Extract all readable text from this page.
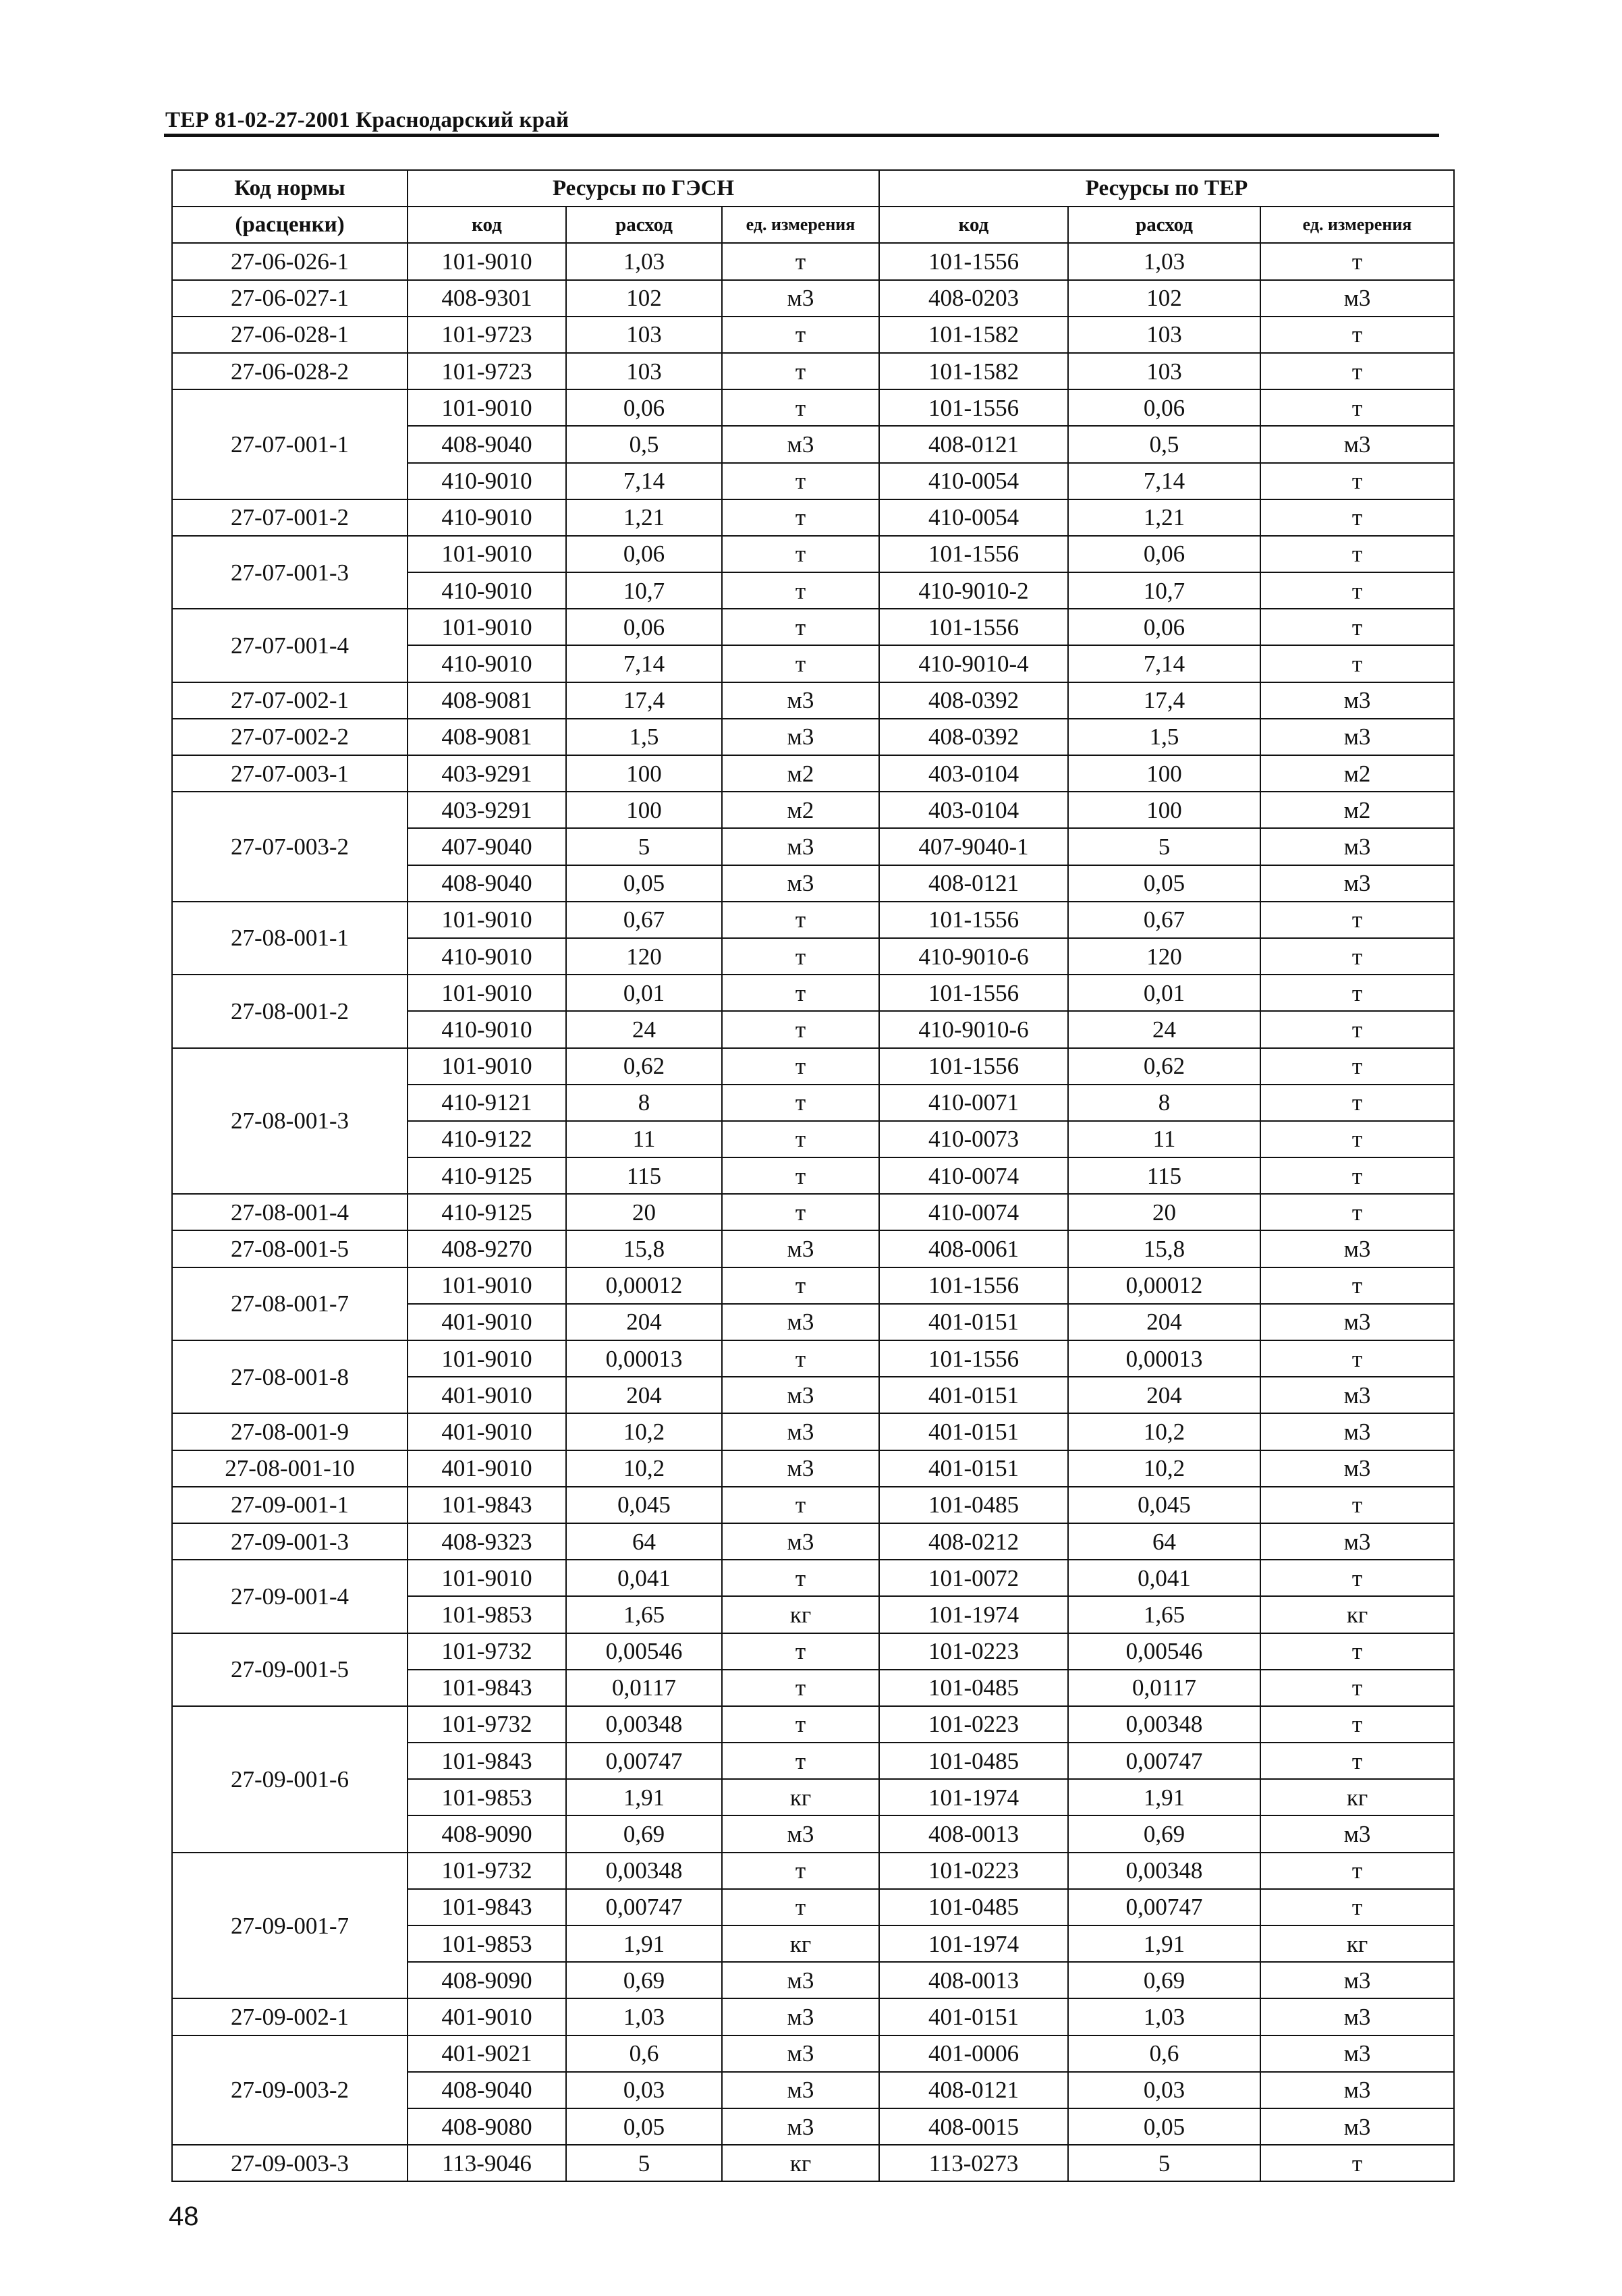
ТЕР 81-02-27-2001 Краснодарский край
Код нормы	Ресурсы по ГЭСН			Ресурсы по ТЕР		
(расценки)	код	расход	ед. измерения	код	расход	ед. измерения
27-06-026-1	101-9010	1,03	т	101-1556	1,03	т
27-06-027-1	408-9301	102	м3	408-0203	102	м3
27-06-028-1	101-9723	103	т	101-1582	103	т
27-06-028-2	101-9723	103	т	101-1582	103	т
27-07-001-1	101-9010	0,06	т	101-1556	0,06	т
	408-9040	0,5	м3	408-0121	0,5	м3
	410-9010	7,14	т	410-0054	7,14	т
27-07-001-2	410-9010	1,21	т	410-0054	1,21	т
27-07-001-3	101-9010	0,06	т	101-1556	0,06	т
	410-9010	10,7	т	410-9010-2	10,7	т
27-07-001-4	101-9010	0,06	т	101-1556	0,06	т
	410-9010	7,14	т	410-9010-4	7,14	т
27-07-002-1	408-9081	17,4	м3	408-0392	17,4	м3
27-07-002-2	408-9081	1,5	м3	408-0392	1,5	м3
27-07-003-1	403-9291	100	м2	403-0104	100	м2
27-07-003-2	403-9291	100	м2	403-0104	100	м2
	407-9040	5	м3	407-9040-1	5	м3
	408-9040	0,05	м3	408-0121	0,05	м3
27-08-001-1	101-9010	0,67	т	101-1556	0,67	т
	410-9010	120	т	410-9010-6	120	т
27-08-001-2	101-9010	0,01	т	101-1556	0,01	т
	410-9010	24	т	410-9010-6	24	т
27-08-001-3	101-9010	0,62	т	101-1556	0,62	т
	410-9121	8	т	410-0071	8	т
	410-9122	11	т	410-0073	11	т
	410-9125	115	т	410-0074	115	т
27-08-001-4	410-9125	20	т	410-0074	20	т
27-08-001-5	408-9270	15,8	м3	408-0061	15,8	м3
27-08-001-7	101-9010	0,00012	т	101-1556	0,00012	т
	401-9010	204	м3	401-0151	204	м3
27-08-001-8	101-9010	0,00013	т	101-1556	0,00013	т
	401-9010	204	м3	401-0151	204	м3
27-08-001-9	401-9010	10,2	м3	401-0151	10,2	м3
27-08-001-10	401-9010	10,2	м3	401-0151	10,2	м3
27-09-001-1	101-9843	0,045	т	101-0485	0,045	т
27-09-001-3	408-9323	64	м3	408-0212	64	м3
27-09-001-4	101-9010	0,041	т	101-0072	0,041	т
	101-9853	1,65	кг	101-1974	1,65	кг
27-09-001-5	101-9732	0,00546	т	101-0223	0,00546	т
	101-9843	0,0117	т	101-0485	0,0117	т
27-09-001-6	101-9732	0,00348	т	101-0223	0,00348	т
	101-9843	0,00747	т	101-0485	0,00747	т
	101-9853	1,91	кг	101-1974	1,91	кг
	408-9090	0,69	м3	408-0013	0,69	м3
27-09-001-7	101-9732	0,00348	т	101-0223	0,00348	т
	101-9843	0,00747	т	101-0485	0,00747	т
	101-9853	1,91	кг	101-1974	1,91	кг
	408-9090	0,69	м3	408-0013	0,69	м3
27-09-002-1	401-9010	1,03	м3	401-0151	1,03	м3
27-09-003-2	401-9021	0,6	м3	401-0006	0,6	м3
	408-9040	0,03	м3	408-0121	0,03	м3
	408-9080	0,05	м3	408-0015	0,05	м3
27-09-003-3	113-9046	5	кг	113-0273	5	т
48
